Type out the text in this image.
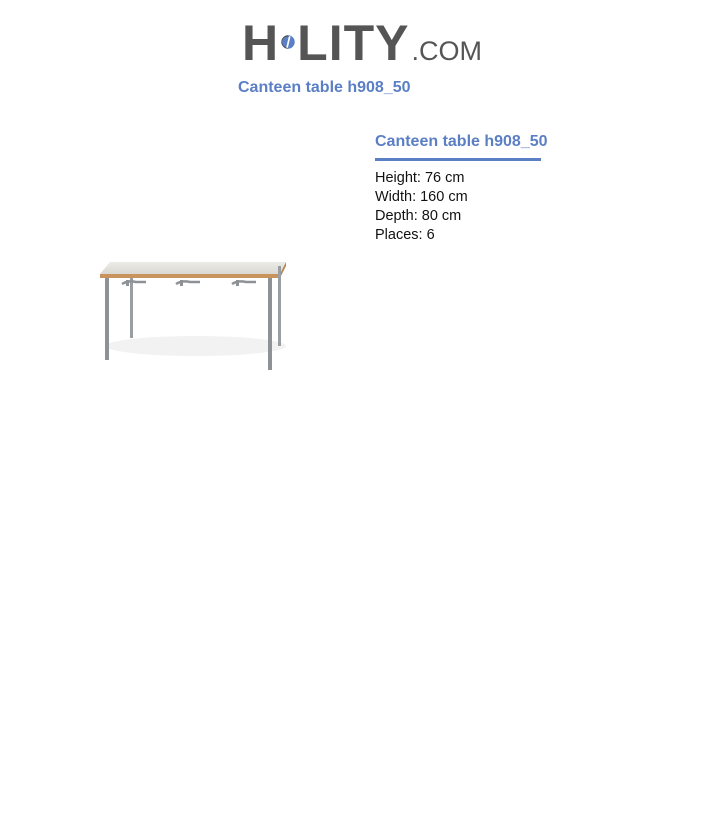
H LITY .COM
Canteen table h908_50
Canteen table h908_50
Height: 76 cm
Width: 160 cm
Depth: 80 cm
Places: 6
